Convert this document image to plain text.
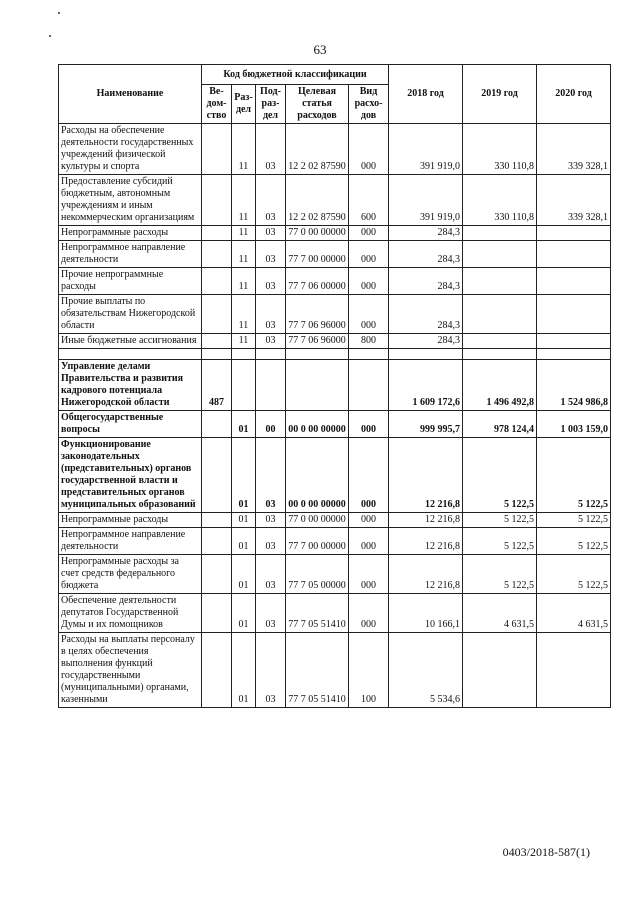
63
Наименование	Код бюджетной классификации					2018 год	2019 год	2020 год
	Ве-
дом-
ство	Раз-
дел	Под-
раз-
дел	Целевая
статья
расходов	Вид
расхо-
дов			
Расходы на обеспечение деятельности государственных учреждений физической культуры и спорта		11	03	12 2 02 87590	000	391 919,0	330 110,8	339 328,1
Предоставление субсидий бюджетным, автономным учреждениям и иным некоммерческим организациям		11	03	12 2 02 87590	600	391 919,0	330 110,8	339 328,1
Непрограммные расходы		11	03	77 0 00 00000	000	284,3		
Непрограммное направление деятельности		11	03	77 7 00 00000	000	284,3		
Прочие непрограммные расходы		11	03	77 7 06 00000	000	284,3		
Прочие выплаты по обязательствам Нижегородской области		11	03	77 7 06 96000	000	284,3		
Иные бюджетные ассигнования		11	03	77 7 06 96000	800	284,3		

Управление делами Правительства и развития кадрового потенциала Нижегородской области	487					1 609 172,6	1 496 492,8	1 524 986,8
Общегосударственные вопросы		01	00	00 0 00 00000	000	999 995,7	978 124,4	1 003 159,0
Функционирование законодательных (представительных) органов государственной власти и представительных органов муниципальных образований		01	03	00 0 00 00000	000	12 216,8	5 122,5	5 122,5
Непрограммные расходы		01	03	77 0 00 00000	000	12 216,8	5 122,5	5 122,5
Непрограммное направление деятельности		01	03	77 7 00 00000	000	12 216,8	5 122,5	5 122,5
Непрограммные расходы за счет средств федерального бюджета		01	03	77 7 05 00000	000	12 216,8	5 122,5	5 122,5
Обеспечение деятельности депутатов Государственной Думы и их помощников		01	03	77 7 05 51410	000	10 166,1	4 631,5	4 631,5
Расходы на выплаты персоналу в целях обеспечения выполнения функций государственными (муниципальными) органами, казенными		01	03	77 7 05 51410	100	5 534,6		
0403/2018-587(1)
